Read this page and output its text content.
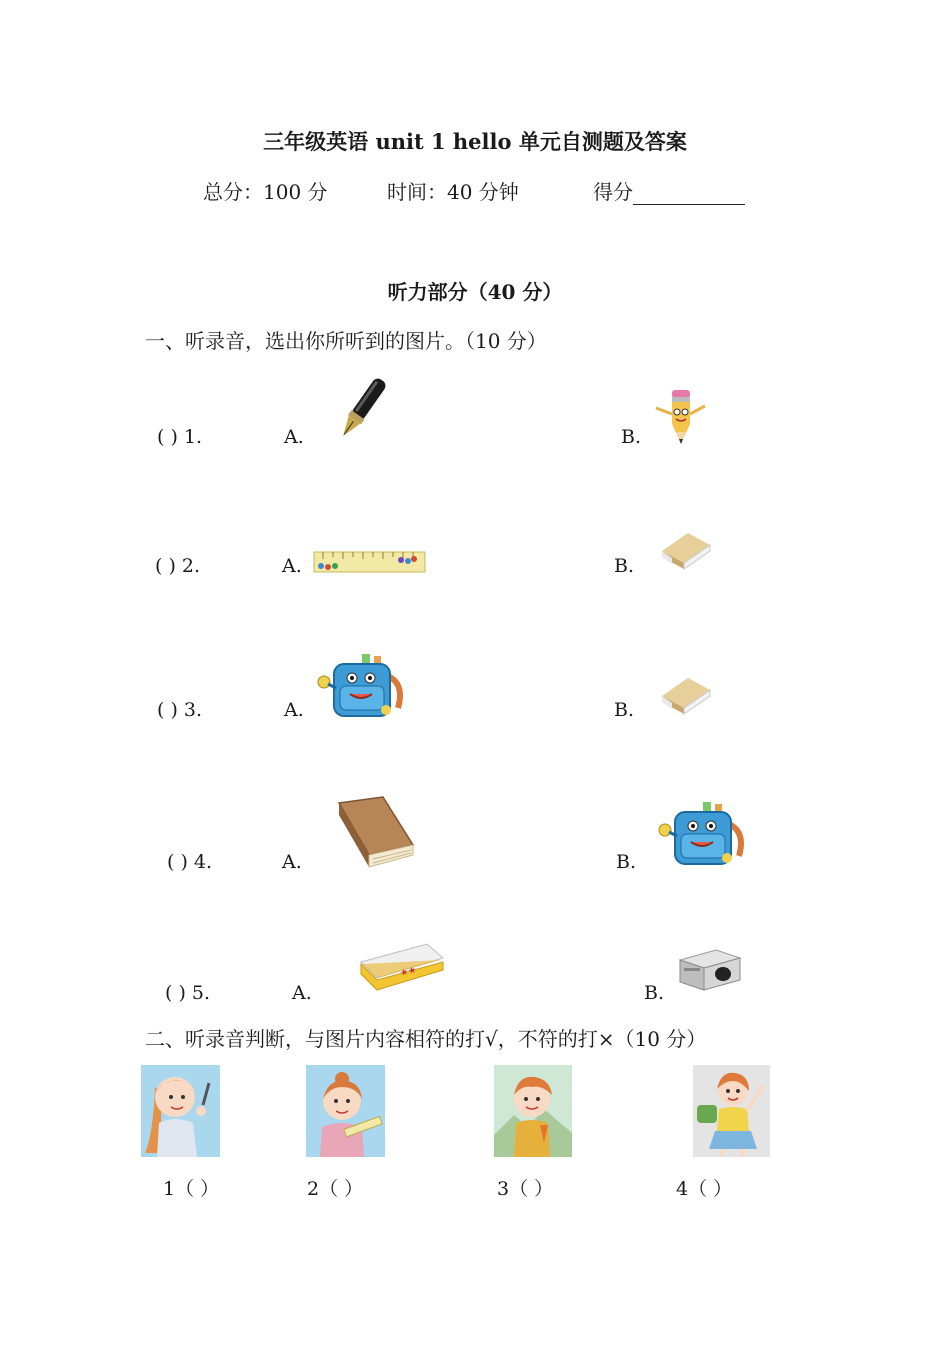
三年级英语 unit 1 hello 单元自测题及答案
总分：100 分	时间：40 分钟	得分
听力部分（40 分）
一、听录音，选出你所听到的图片。（10 分）
( ) 1.	A.	B.
( ) 2.	A.	B.
( ) 3.	A.	B.
( ) 4.	A.	B.
( ) 5.	A.	B.
★★
二、听录音判断，与图片内容相符的打√，不符的打×（10 分）
1（ ）	2（ ）	3（ ）	4（ ）
